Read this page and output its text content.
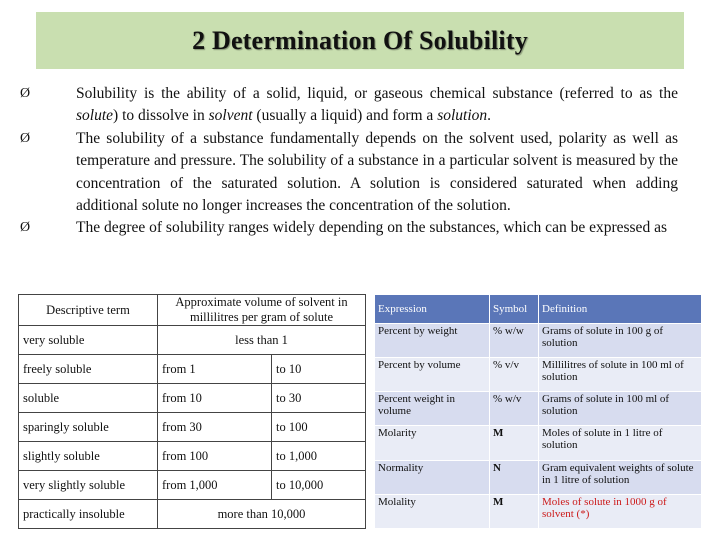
2 Determination Of Solubility
Ø	Solubility is the ability of a solid, liquid, or gaseous chemical substance (referred to as the solute) to dissolve in solvent (usually a liquid) and form a solution.
Ø	The solubility of a substance fundamentally depends on the solvent used, polarity as well as temperature and pressure. The solubility of a substance in a particular solvent is measured by the concentration of the saturated solution. A solution is considered saturated when adding additional solute no longer increases the concentration of the solution.
Ø	The degree of solubility ranges widely depending on the substances, which can be expressed as
Descriptive term	Approximate volume of solvent in millilitres per gram of solute	
very soluble	less than 1	
freely soluble	from 1	to 10
soluble	from 10	to 30
sparingly soluble	from 30	to 100
slightly soluble	from 100	to 1,000
very slightly soluble	from 1,000	to 10,000
practically insoluble	more than 10,000	
Expression	Symbol	Definition
Percent by weight	% w/w	Grams of solute in 100 g of solution
Percent by volume	% v/v	Millilitres of solute in 100 ml of solution
Percent weight in volume	% w/v	Grams of solute in 100 ml of solution
Molarity	M	Moles of solute in 1 litre of solution
Normality	N	Gram equivalent weights of solute in 1 litre of solution
Molality	M	Moles of solute in 1000 g of solvent (*)
